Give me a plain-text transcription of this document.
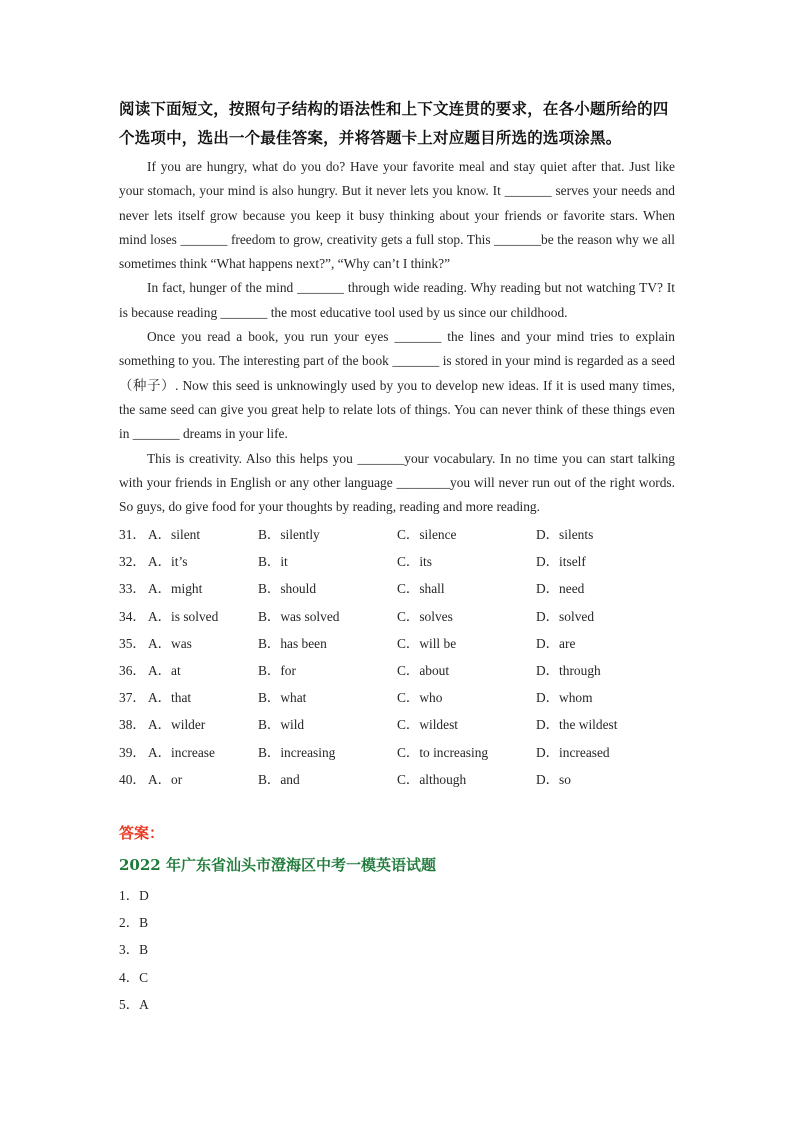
阅读下面短文，按照句子结构的语法性和上下文连贯的要求，在各小题所给的四个选项中，选出一个最佳答案，并将答题卡上对应题目所选的选项涂黑。

If you are hungry, what do you do? Have your favorite meal and stay quiet after that. Just like your stomach, your mind is also hungry. But it never lets you know. It _______ serves your needs and never lets itself grow because you keep it busy thinking about your friends or favorite stars. When mind loses _______ freedom to grow, creativity gets a full stop. This _______be the reason why we all sometimes think “What happens next?”, “Why can’t I think?”

In fact, hunger of the mind _______ through wide reading. Why reading but not watching TV? It is because reading _______ the most educative tool used by us since our childhood.

Once you read a book, you run your eyes _______ the lines and your mind tries to explain something to you. The interesting part of the book _______ is stored in your mind is regarded as a seed（种子）. Now this seed is unknowingly used by you to develop new ideas. If it is used many times, the same seed can give you great help to relate lots of things. You can never think of these things even in _______ dreams in your life.

This is creativity. Also this helps you _______your vocabulary. In no time you can start talking with your friends in English or any other language ________you will never run out of the right words. So guys, do give food for your thoughts by reading, reading and more reading.

31． A．silent	B．silently	C．silence	D．silents
32． A．it’s	B．it	C．its	D．itself
33． A．might	B．should	C．shall	D．need
34． A．is solved	B．was solved	C．solves	D．solved
35． A．was	B．has been	C．will be	D．are
36． A．at	B．for	C．about	D．through
37． A．that	B．what	C．who	D．whom
38． A．wilder	B．wild	C．wildest	D．the wildest
39． A．increase	B．increasing	C．to increasing	D．increased
40． A．or	B．and	C．although	D．so
答案：
2022 年广东省汕头市澄海区中考一模英语试题
1．D
2．B
3．B
4．C
5．A
